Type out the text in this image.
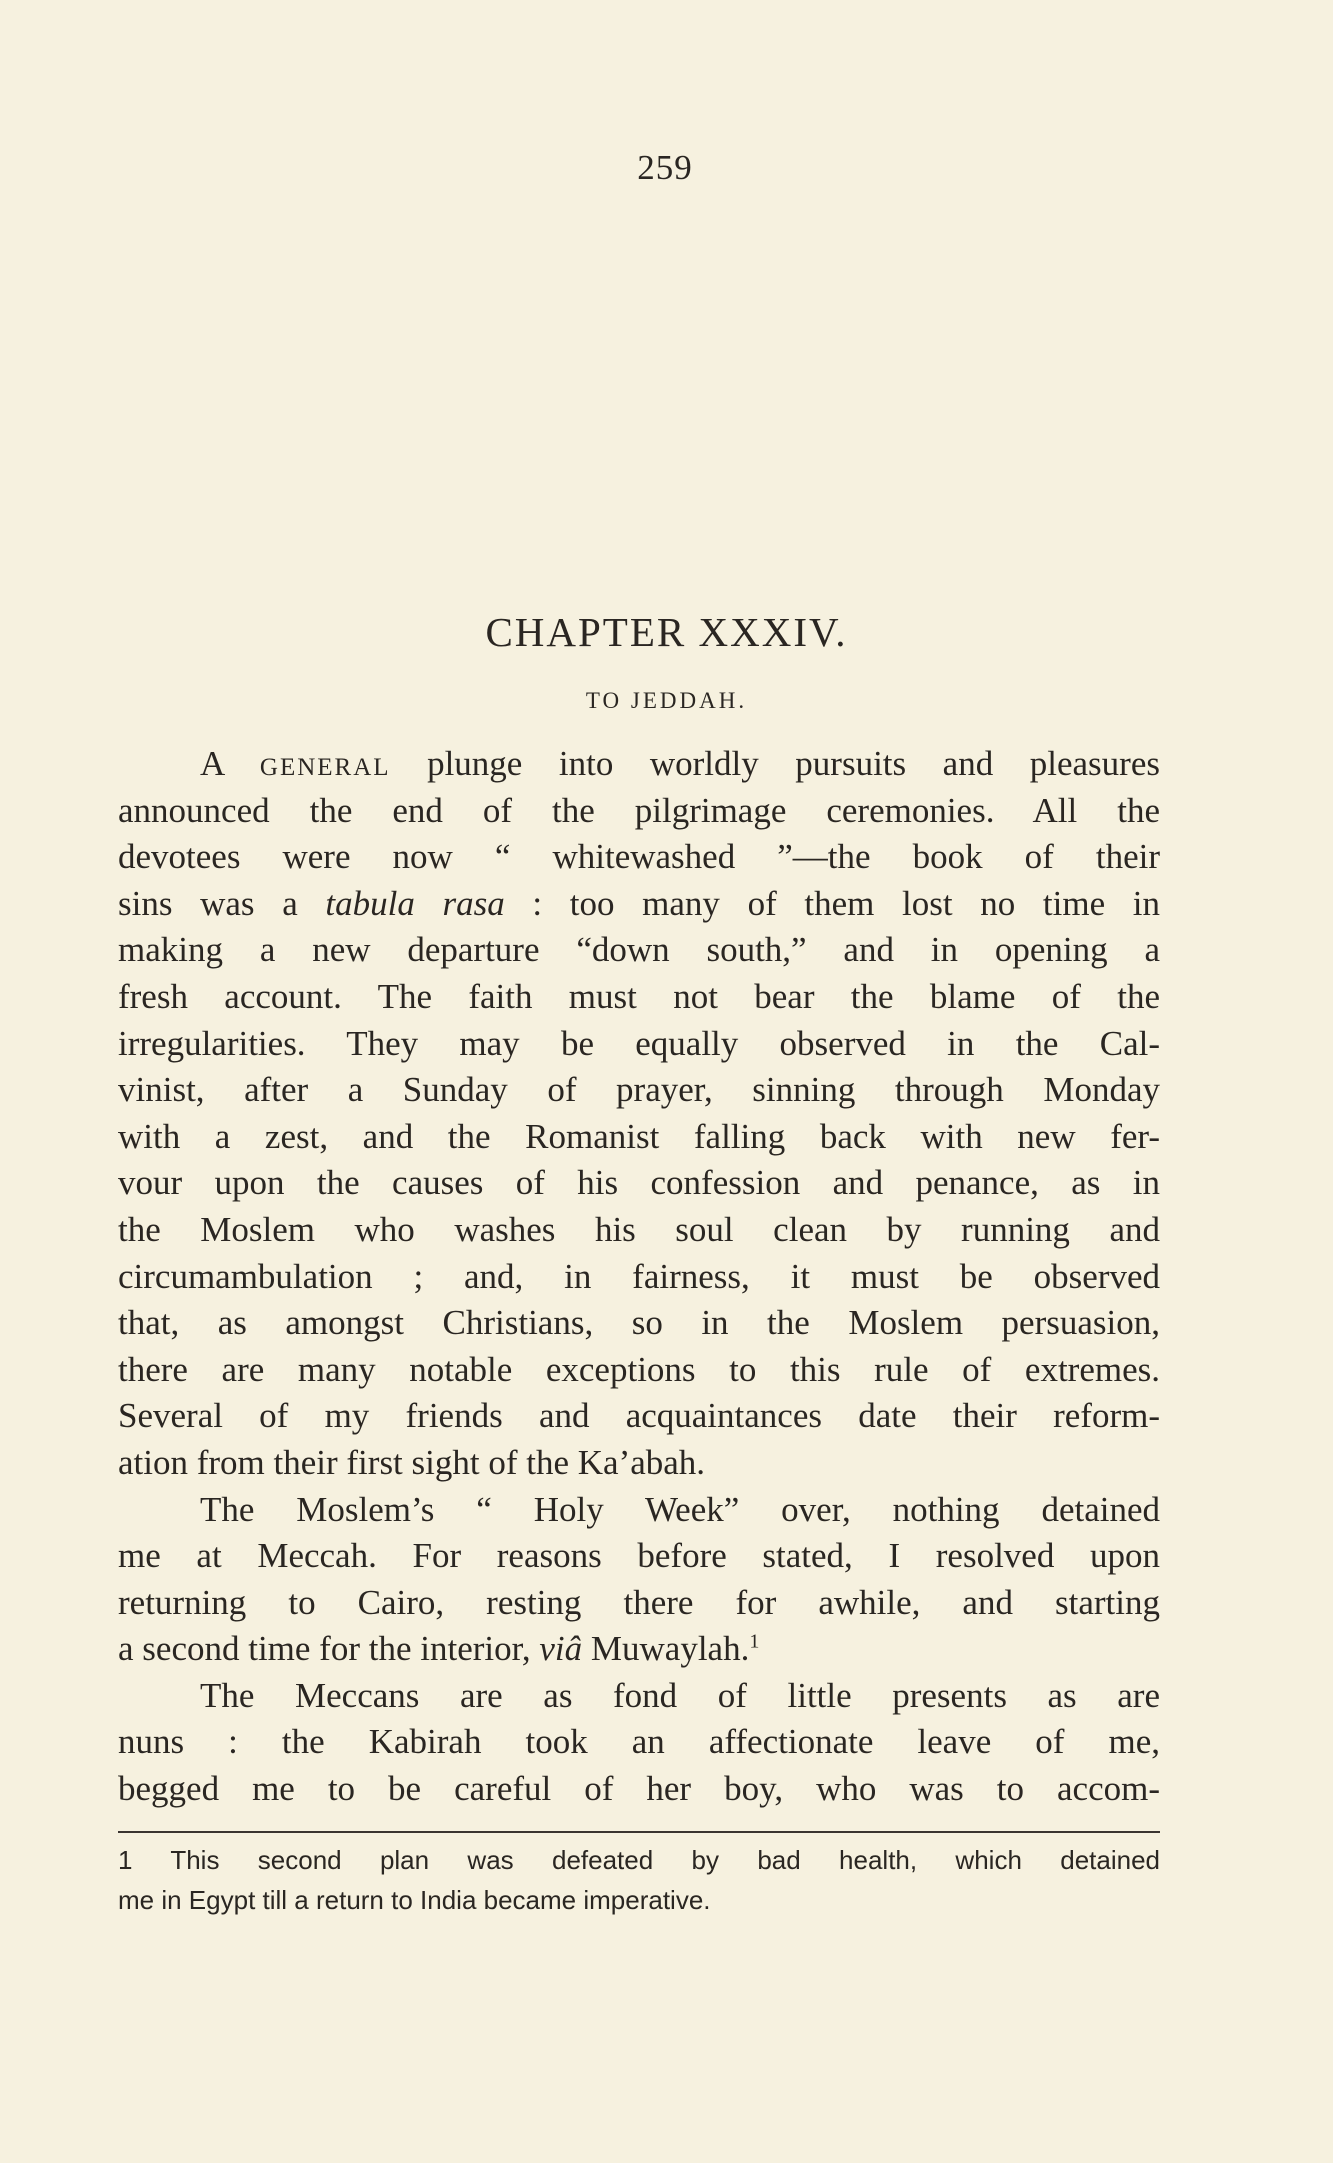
259
CHAPTER XXXIV.
TO JEDDAH.
A GENERAL plunge into worldly pursuits and pleasures
announced the end of the pilgrimage ceremonies. All the
devotees were now “ whitewashed ”—the book of their
sins was a tabula rasa : too many of them lost no time in
making a new departure “down south,” and in opening a
fresh account. The faith must not bear the blame of the
irregularities. They may be equally observed in the Cal-
vinist, after a Sunday of prayer, sinning through Monday
with a zest, and the Romanist falling back with new fer-
vour upon the causes of his confession and penance, as in
the Moslem who washes his soul clean by running and
circumambulation ; and, in fairness, it must be observed
that, as amongst Christians, so in the Moslem persuasion,
there are many notable exceptions to this rule of extremes.
Several of my friends and acquaintances date their reform-
ation from their first sight of the Ka’abah.
The Moslem’s “ Holy Week” over, nothing detained
me at Meccah. For reasons before stated, I resolved upon
returning to Cairo, resting there for awhile, and starting
a second time for the interior, viâ Muwaylah.$^1$
The Meccans are as fond of little presents as are
nuns : the Kabirah took an affectionate leave of me,
begged me to be careful of her boy, who was to accom-
1 This second plan was defeated by bad health, which detained
me in Egypt till a return to India became imperative.
